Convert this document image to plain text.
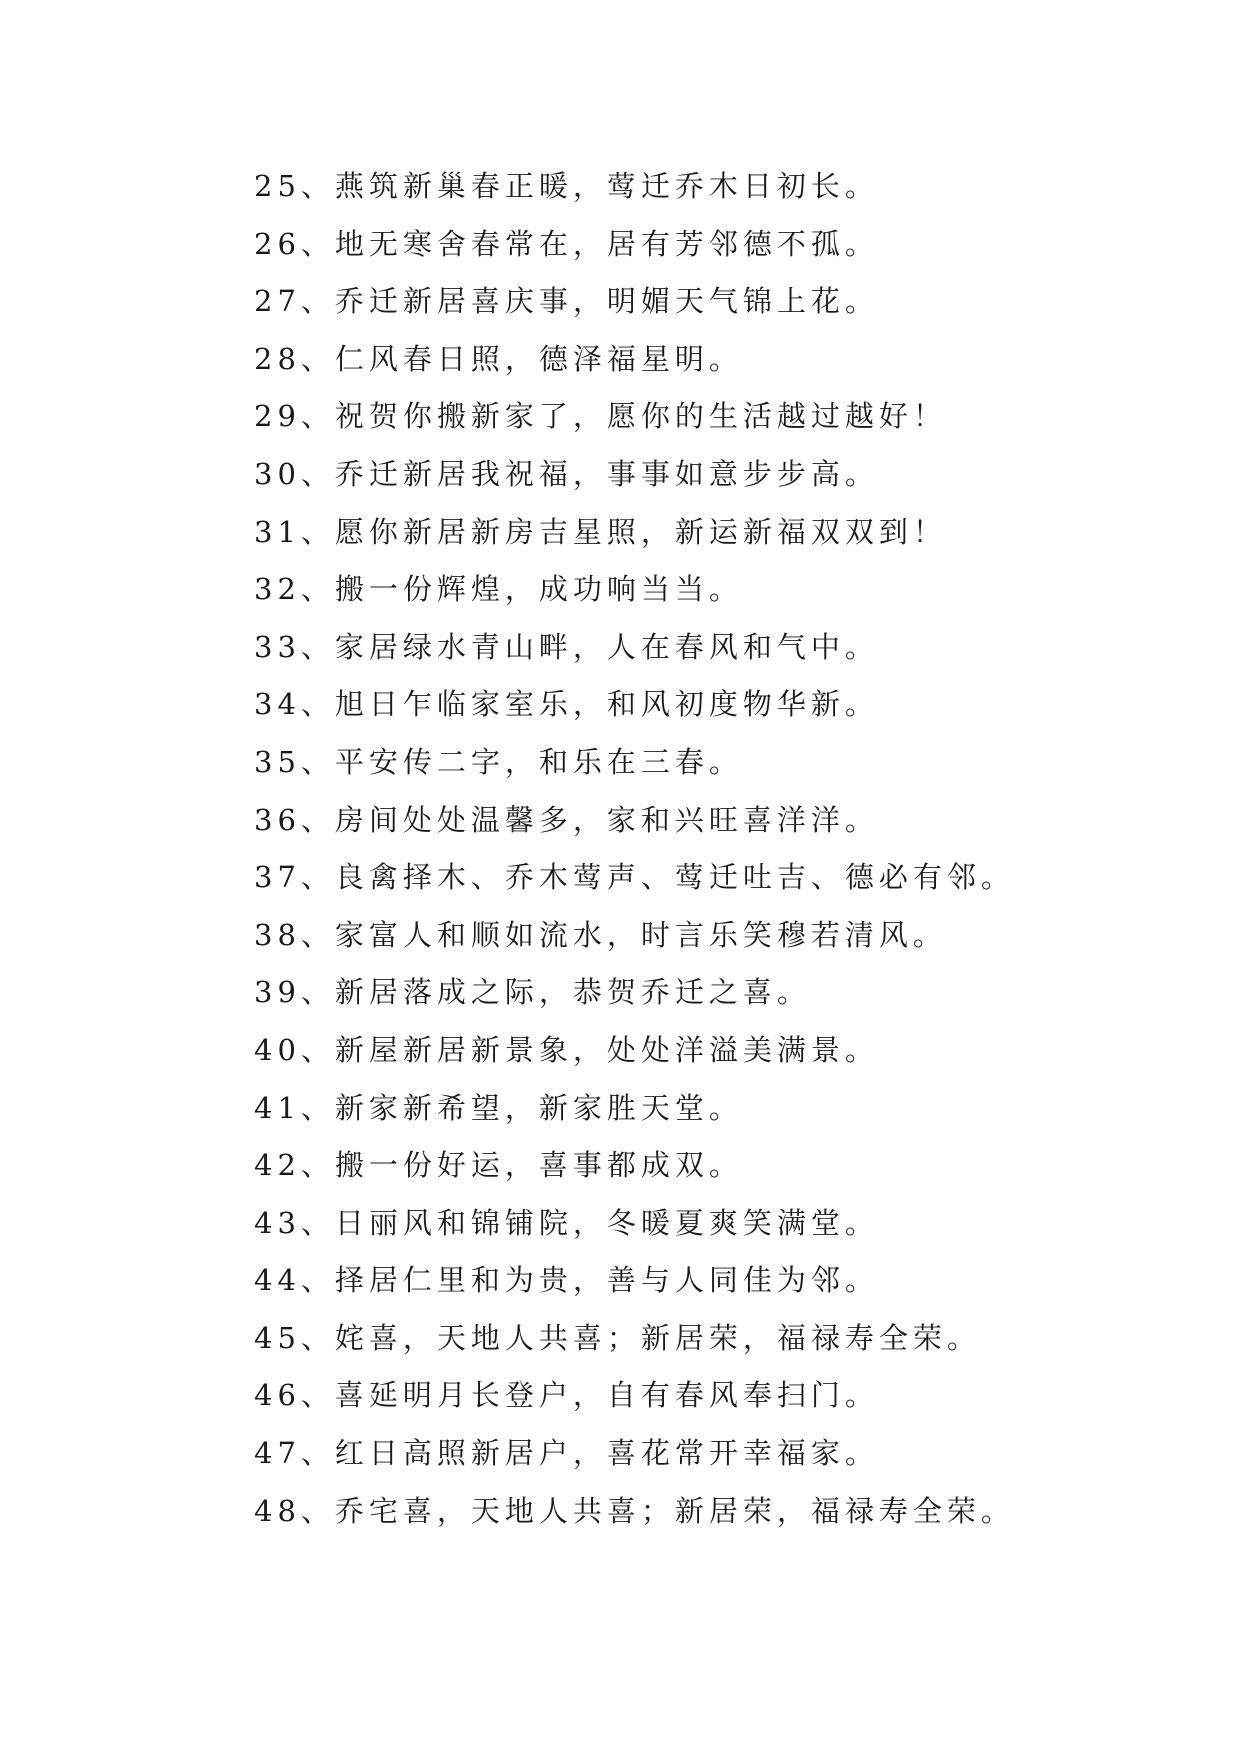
25、燕筑新巢春正暖，莺迁乔木日初长。
26、地无寒舍春常在，居有芳邻德不孤。
27、乔迁新居喜庆事，明媚天气锦上花。
28、仁风春日照，德泽福星明。
29、祝贺你搬新家了，愿你的生活越过越好！
30、乔迁新居我祝福，事事如意步步高。
31、愿你新居新房吉星照，新运新福双双到！
32、搬一份辉煌，成功响当当。
33、家居绿水青山畔，人在春风和气中。
34、旭日乍临家室乐，和风初度物华新。
35、平安传二字，和乐在三春。
36、房间处处温馨多，家和兴旺喜洋洋。
37、良禽择木、乔木莺声、莺迁吐吉、德必有邻。
38、家富人和顺如流水，时言乐笑穆若清风。
39、新居落成之际，恭贺乔迁之喜。
40、新屋新居新景象，处处洋溢美满景。
41、新家新希望，新家胜天堂。
42、搬一份好运，喜事都成双。
43、日丽风和锦铺院，冬暖夏爽笑满堂。
44、择居仁里和为贵，善与人同佳为邻。
45、姹喜，天地人共喜；新居荣，福禄寿全荣。
46、喜延明月长登户，自有春风奉扫门。
47、红日高照新居户，喜花常开幸福家。
48、乔宅喜，天地人共喜；新居荣，福禄寿全荣。
